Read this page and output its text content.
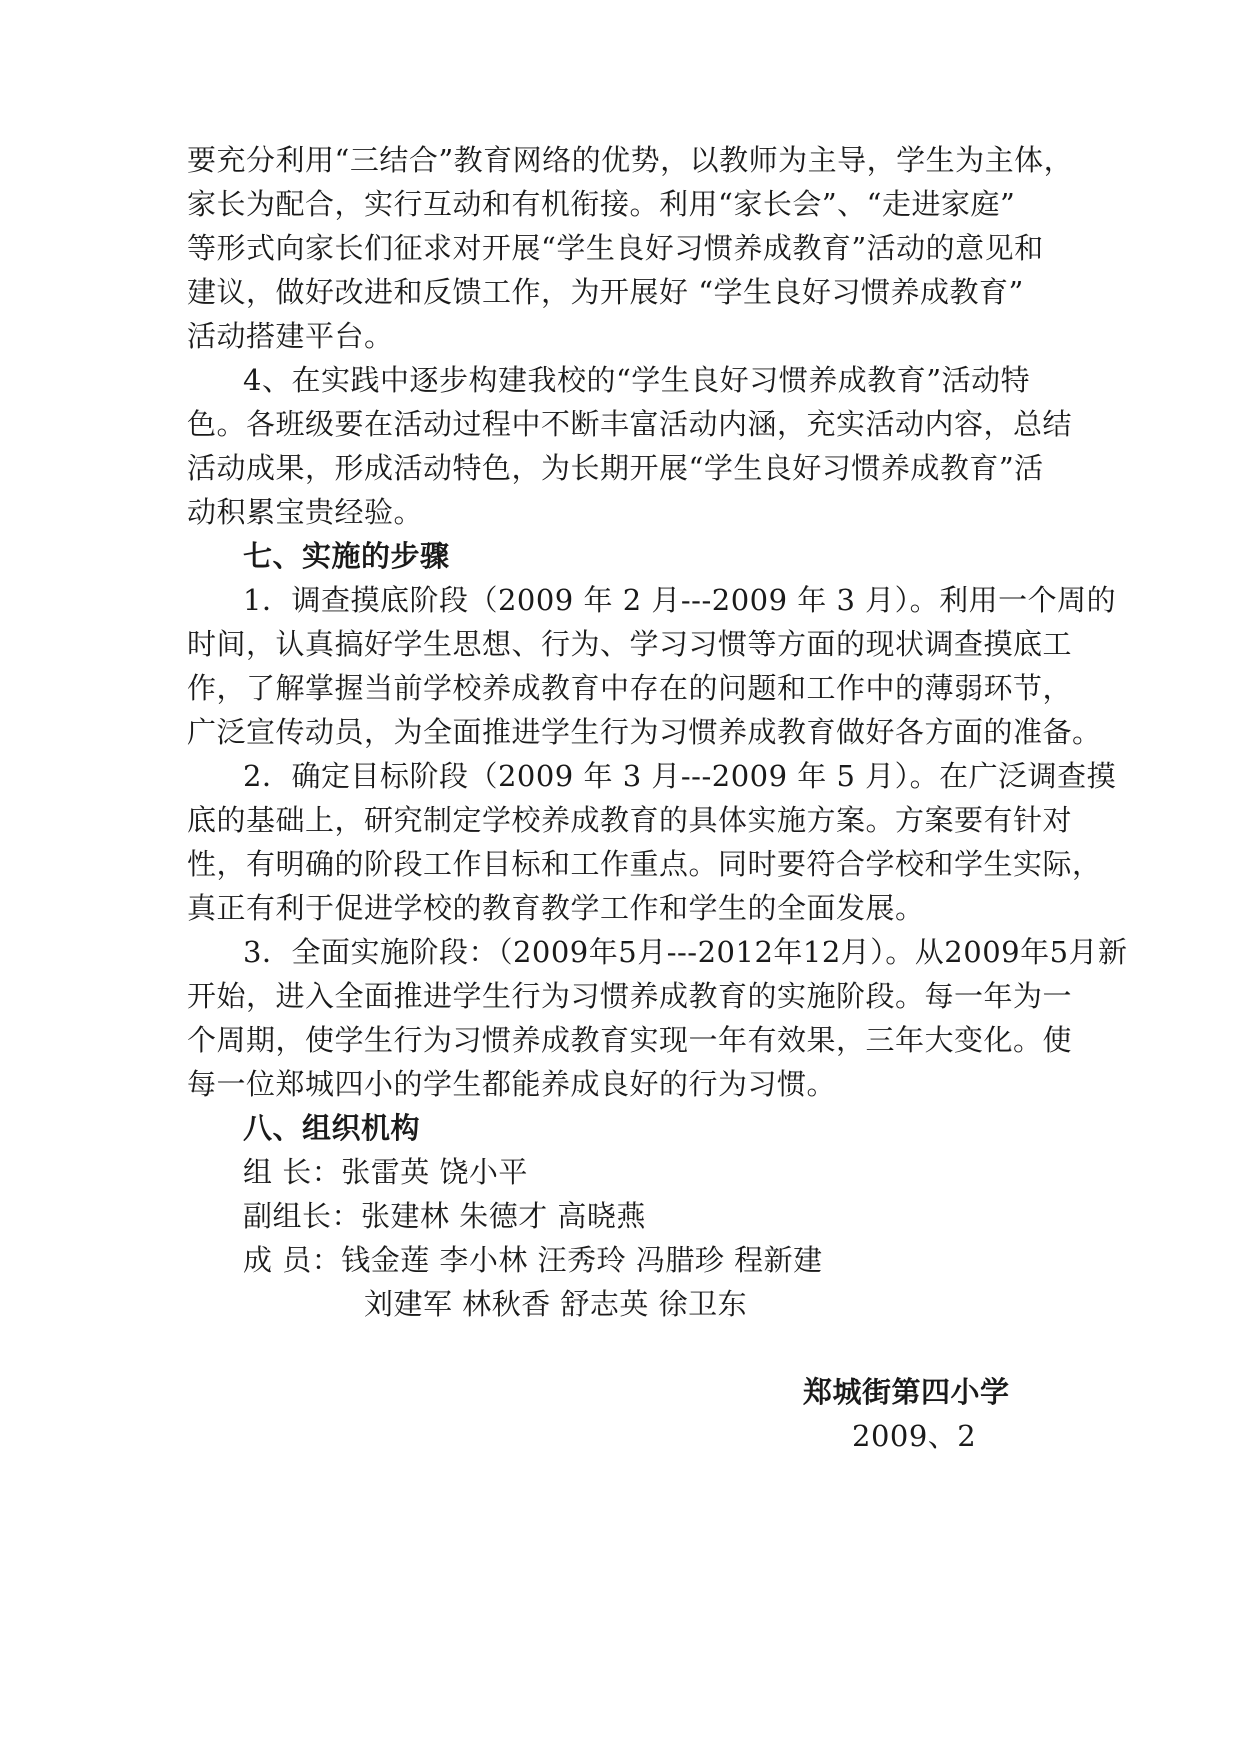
要充分利用“三结合”教育网络的优势，以教师为主导，学生为主体，
家长为配合，实行互动和有机衔接。利用“家长会”、“走进家庭”
等形式向家长们征求对开展“学生良好习惯养成教育”活动的意见和
建议，做好改进和反馈工作，为开展好 “学生良好习惯养成教育”
活动搭建平台。
4、在实践中逐步构建我校的“学生良好习惯养成教育”活动特
色。各班级要在活动过程中不断丰富活动内涵，充实活动内容，总结
活动成果，形成活动特色，为长期开展“学生良好习惯养成教育”活
动积累宝贵经验。
七、实施的步骤
1．调查摸底阶段（2009 年 2 月---2009 年 3 月）。利用一个周的
时间，认真搞好学生思想、行为、学习习惯等方面的现状调查摸底工
作，了解掌握当前学校养成教育中存在的问题和工作中的薄弱环节，
广泛宣传动员，为全面推进学生行为习惯养成教育做好各方面的准备。
2．确定目标阶段（2009 年 3 月---2009 年 5 月）。在广泛调查摸
底的基础上，研究制定学校养成教育的具体实施方案。方案要有针对
性，有明确的阶段工作目标和工作重点。同时要符合学校和学生实际，
真正有利于促进学校的教育教学工作和学生的全面发展。
3．全面实施阶段：（2009年5月---2012年12月）。从2009年5月新
开始，进入全面推进学生行为习惯养成教育的实施阶段。每一年为一
个周期，使学生行为习惯养成教育实现一年有效果，三年大变化。使
每一位郑城四小的学生都能养成良好的行为习惯。
八、组织机构
组 长：张雷英 饶小平
副组长：张建林 朱德才 高晓燕
成 员：钱金莲 李小林 汪秀玲 冯腊珍 程新建
刘建军 林秋香 舒志英 徐卫东
郑城街第四小学
2009、2
